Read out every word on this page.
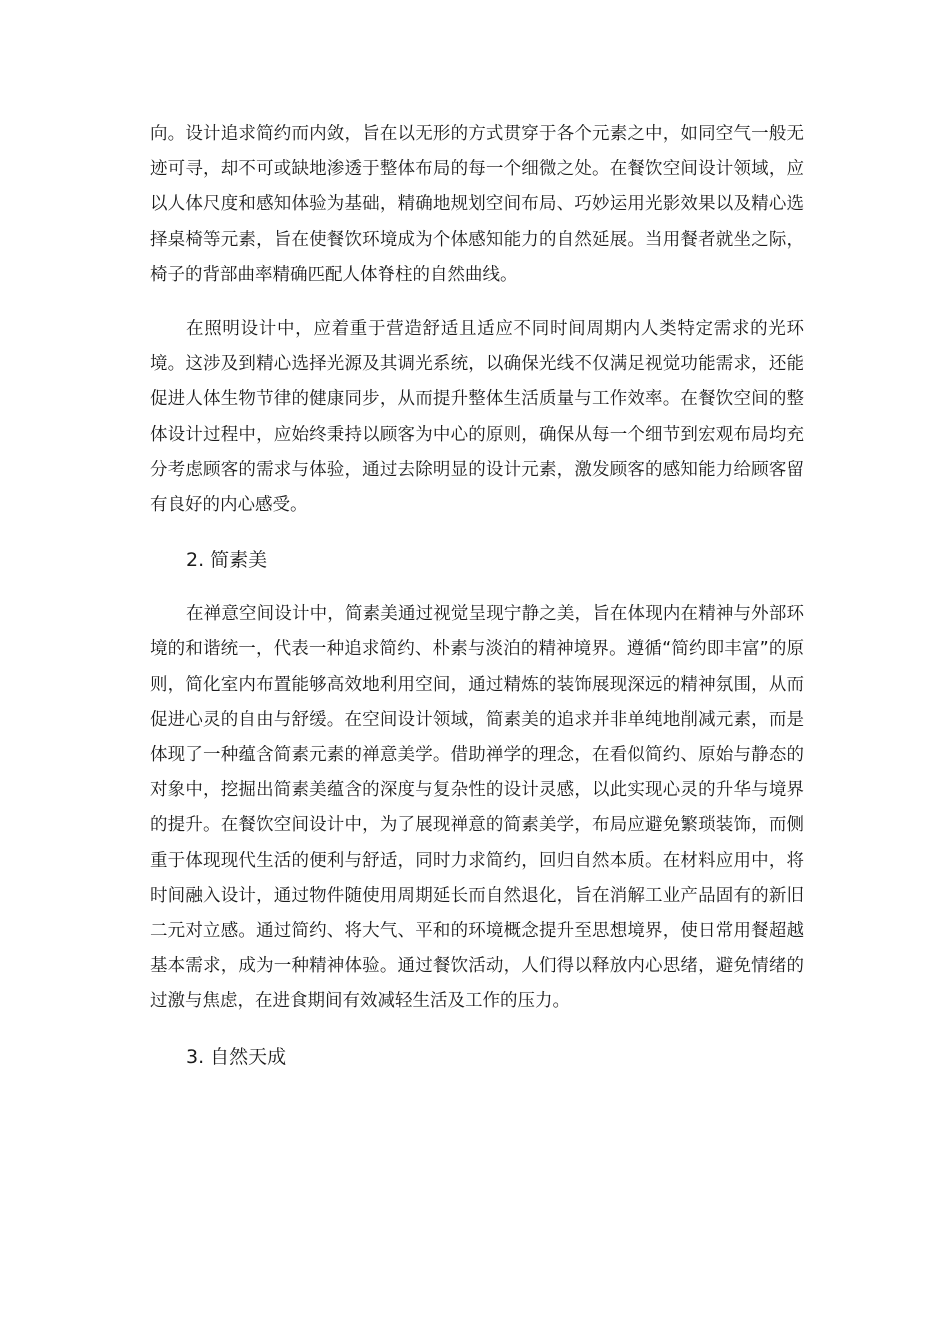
向。设计追求简约而内敛，旨在以无形的方式贯穿于各个元素之中，如同空气一般无迹可寻，却不可或缺地渗透于整体布局的每一个细微之处。在餐饮空间设计领域，应以人体尺度和感知体验为基础，精确地规划空间布局、巧妙运用光影效果以及精心选择桌椅等元素，旨在使餐饮环境成为个体感知能力的自然延展。当用餐者就坐之际，椅子的背部曲率精确匹配人体脊柱的自然曲线。

在照明设计中，应着重于营造舒适且适应不同时间周期内人类特定需求的光环境。这涉及到精心选择光源及其调光系统，以确保光线不仅满足视觉功能需求，还能促进人体生物节律的健康同步，从而提升整体生活质量与工作效率。在餐饮空间的整体设计过程中，应始终秉持以顾客为中心的原则，确保从每一个细节到宏观布局均充分考虑顾客的需求与体验，通过去除明显的设计元素，激发顾客的感知能力给顾客留有良好的内心感受。

2. 简素美

在禅意空间设计中，简素美通过视觉呈现宁静之美，旨在体现内在精神与外部环境的和谐统一，代表一种追求简约、朴素与淡泊的精神境界。遵循“简约即丰富”的原则，简化室内布置能够高效地利用空间，通过精炼的装饰展现深远的精神氛围，从而促进心灵的自由与舒缓。在空间设计领域，简素美的追求并非单纯地削减元素，而是体现了一种蕴含简素元素的禅意美学。借助禅学的理念，在看似简约、原始与静态的对象中，挖掘出简素美蕴含的深度与复杂性的设计灵感，以此实现心灵的升华与境界的提升。在餐饮空间设计中，为了展现禅意的简素美学，布局应避免繁琐装饰，而侧重于体现现代生活的便利与舒适，同时力求简约，回归自然本质。在材料应用中，将时间融入设计，通过物件随使用周期延长而自然退化，旨在消解工业产品固有的新旧二元对立感。通过简约、将大气、平和的环境概念提升至思想境界，使日常用餐超越基本需求，成为一种精神体验。通过餐饮活动，人们得以释放内心思绪，避免情绪的过激与焦虑，在进食期间有效减轻生活及工作的压力。

3. 自然天成
